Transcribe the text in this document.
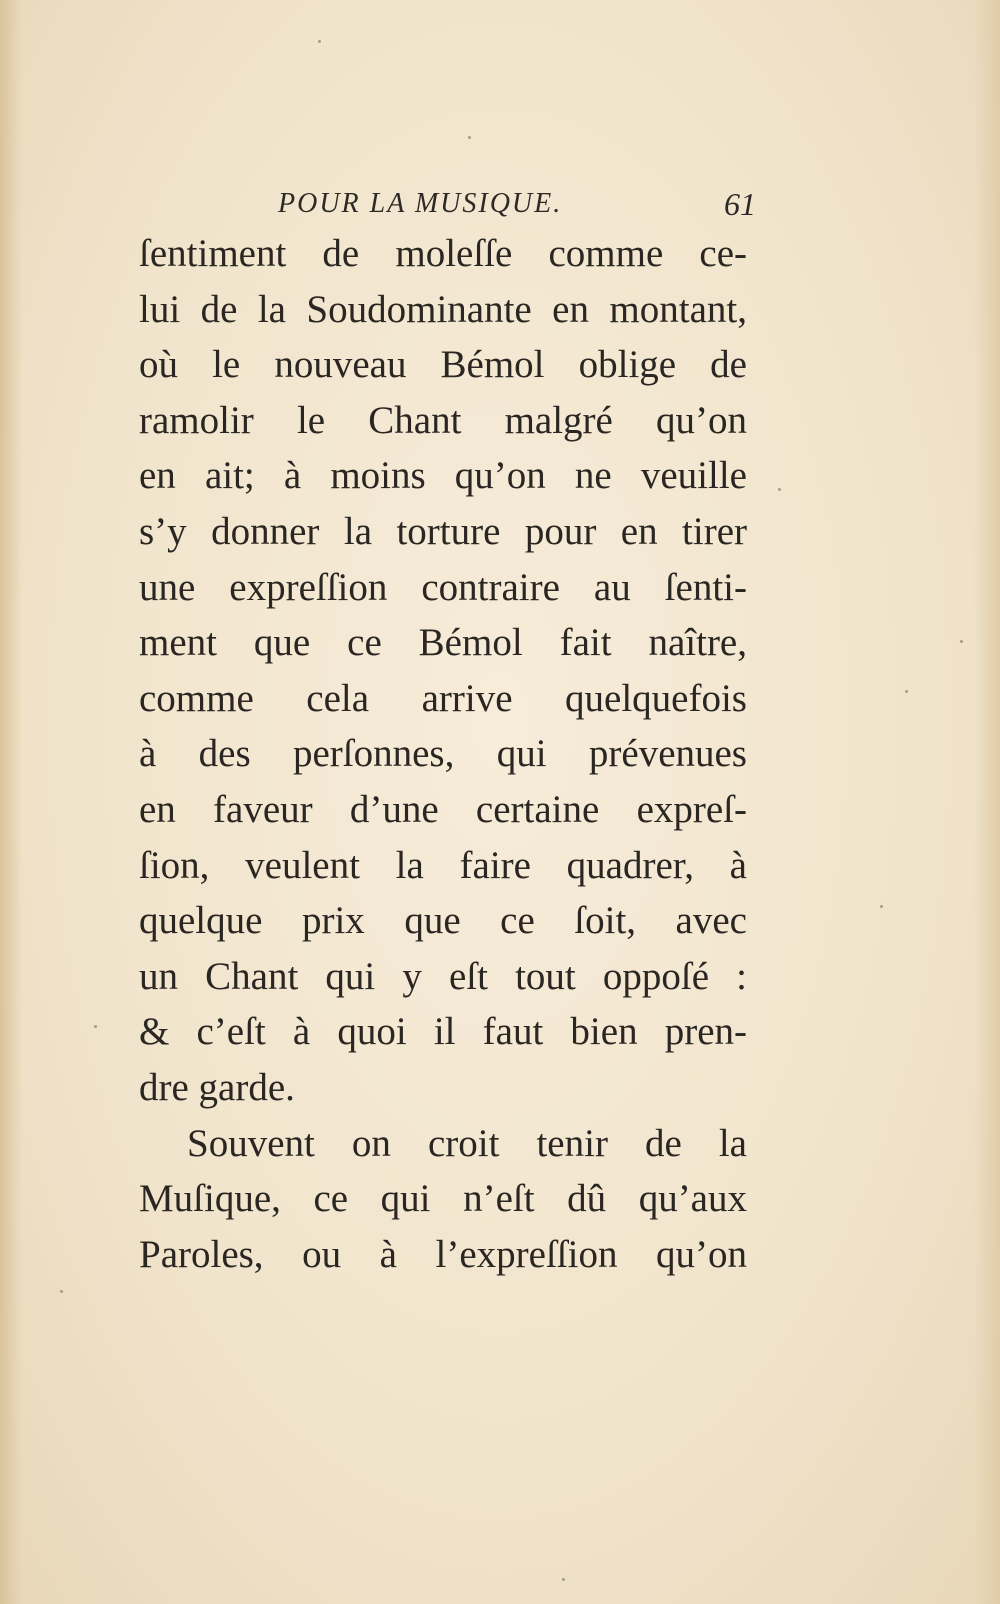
POUR LA MUSIQUE.	61
ſentiment de moleſſe comme ce-
lui de la Soudominante en montant,
où le nouveau Bémol oblige de
ramolir le Chant malgré qu’on
en ait; à moins qu’on ne veuille
s’y donner la torture pour en tirer
une expreſſion contraire au ſenti-
ment que ce Bémol fait naître,
comme cela arrive quelquefois
à des perſonnes, qui prévenues
en faveur d’une certaine expreſ-
ſion, veulent la faire quadrer, à
quelque prix que ce ſoit, avec
un Chant qui y eſt tout oppoſé :
& c’eſt à quoi il faut bien pren-
dre garde.
Souvent on croit tenir de la
Muſique, ce qui n’eſt dû qu’aux
Paroles, ou à l’expreſſion qu’on
